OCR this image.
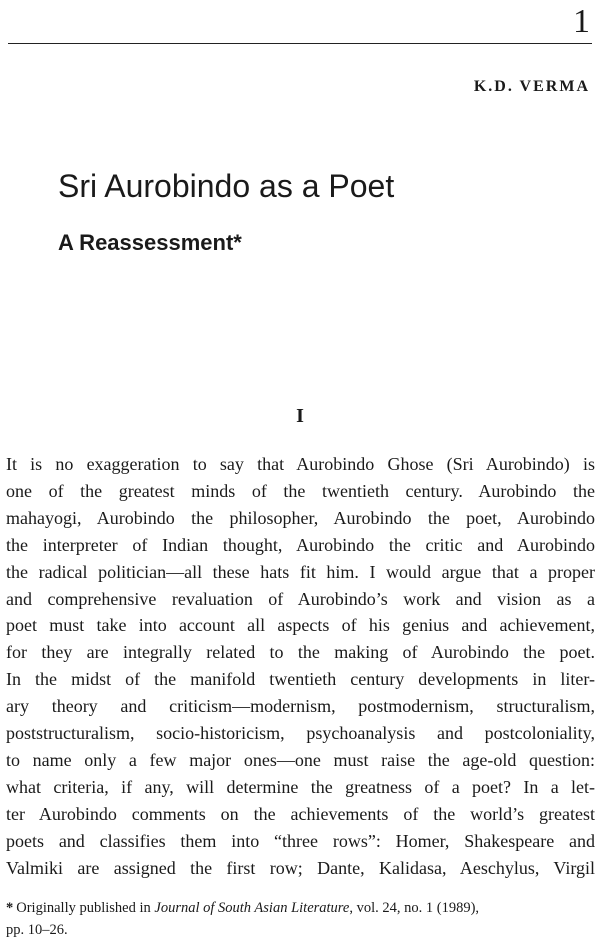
1
K.D. VERMA
Sri Aurobindo as a Poet
A Reassessment*
I

It is no exaggeration to say that Aurobindo Ghose (Sri Aurobindo) is
one of the greatest minds of the twentieth century. Aurobindo the
mahayogi, Aurobindo the philosopher, Aurobindo the poet, Aurobindo
the interpreter of Indian thought, Aurobindo the critic and Aurobindo
the radical politician—all these hats fit him. I would argue that a proper
and comprehensive revaluation of Aurobindo’s work and vision as a
poet must take into account all aspects of his genius and achievement,
for they are integrally related to the making of Aurobindo the poet.
In the midst of the manifold twentieth century developments in liter-
ary theory and criticism—modernism, postmodernism, structuralism,
poststructuralism, socio-historicism, psychoanalysis and postcoloniality,
to name only a few major ones—one must raise the age-old question:
what criteria, if any, will determine the greatness of a poet? In a let-
ter Aurobindo comments on the achievements of the world’s greatest
poets and classifies them into “three rows”: Homer, Shakespeare and
Valmiki are assigned the first row; Dante, Kalidasa, Aeschylus, Virgil

* Originally published in Journal of South Asian Literature, vol. 24, no. 1 (1989),
pp. 10–26.
